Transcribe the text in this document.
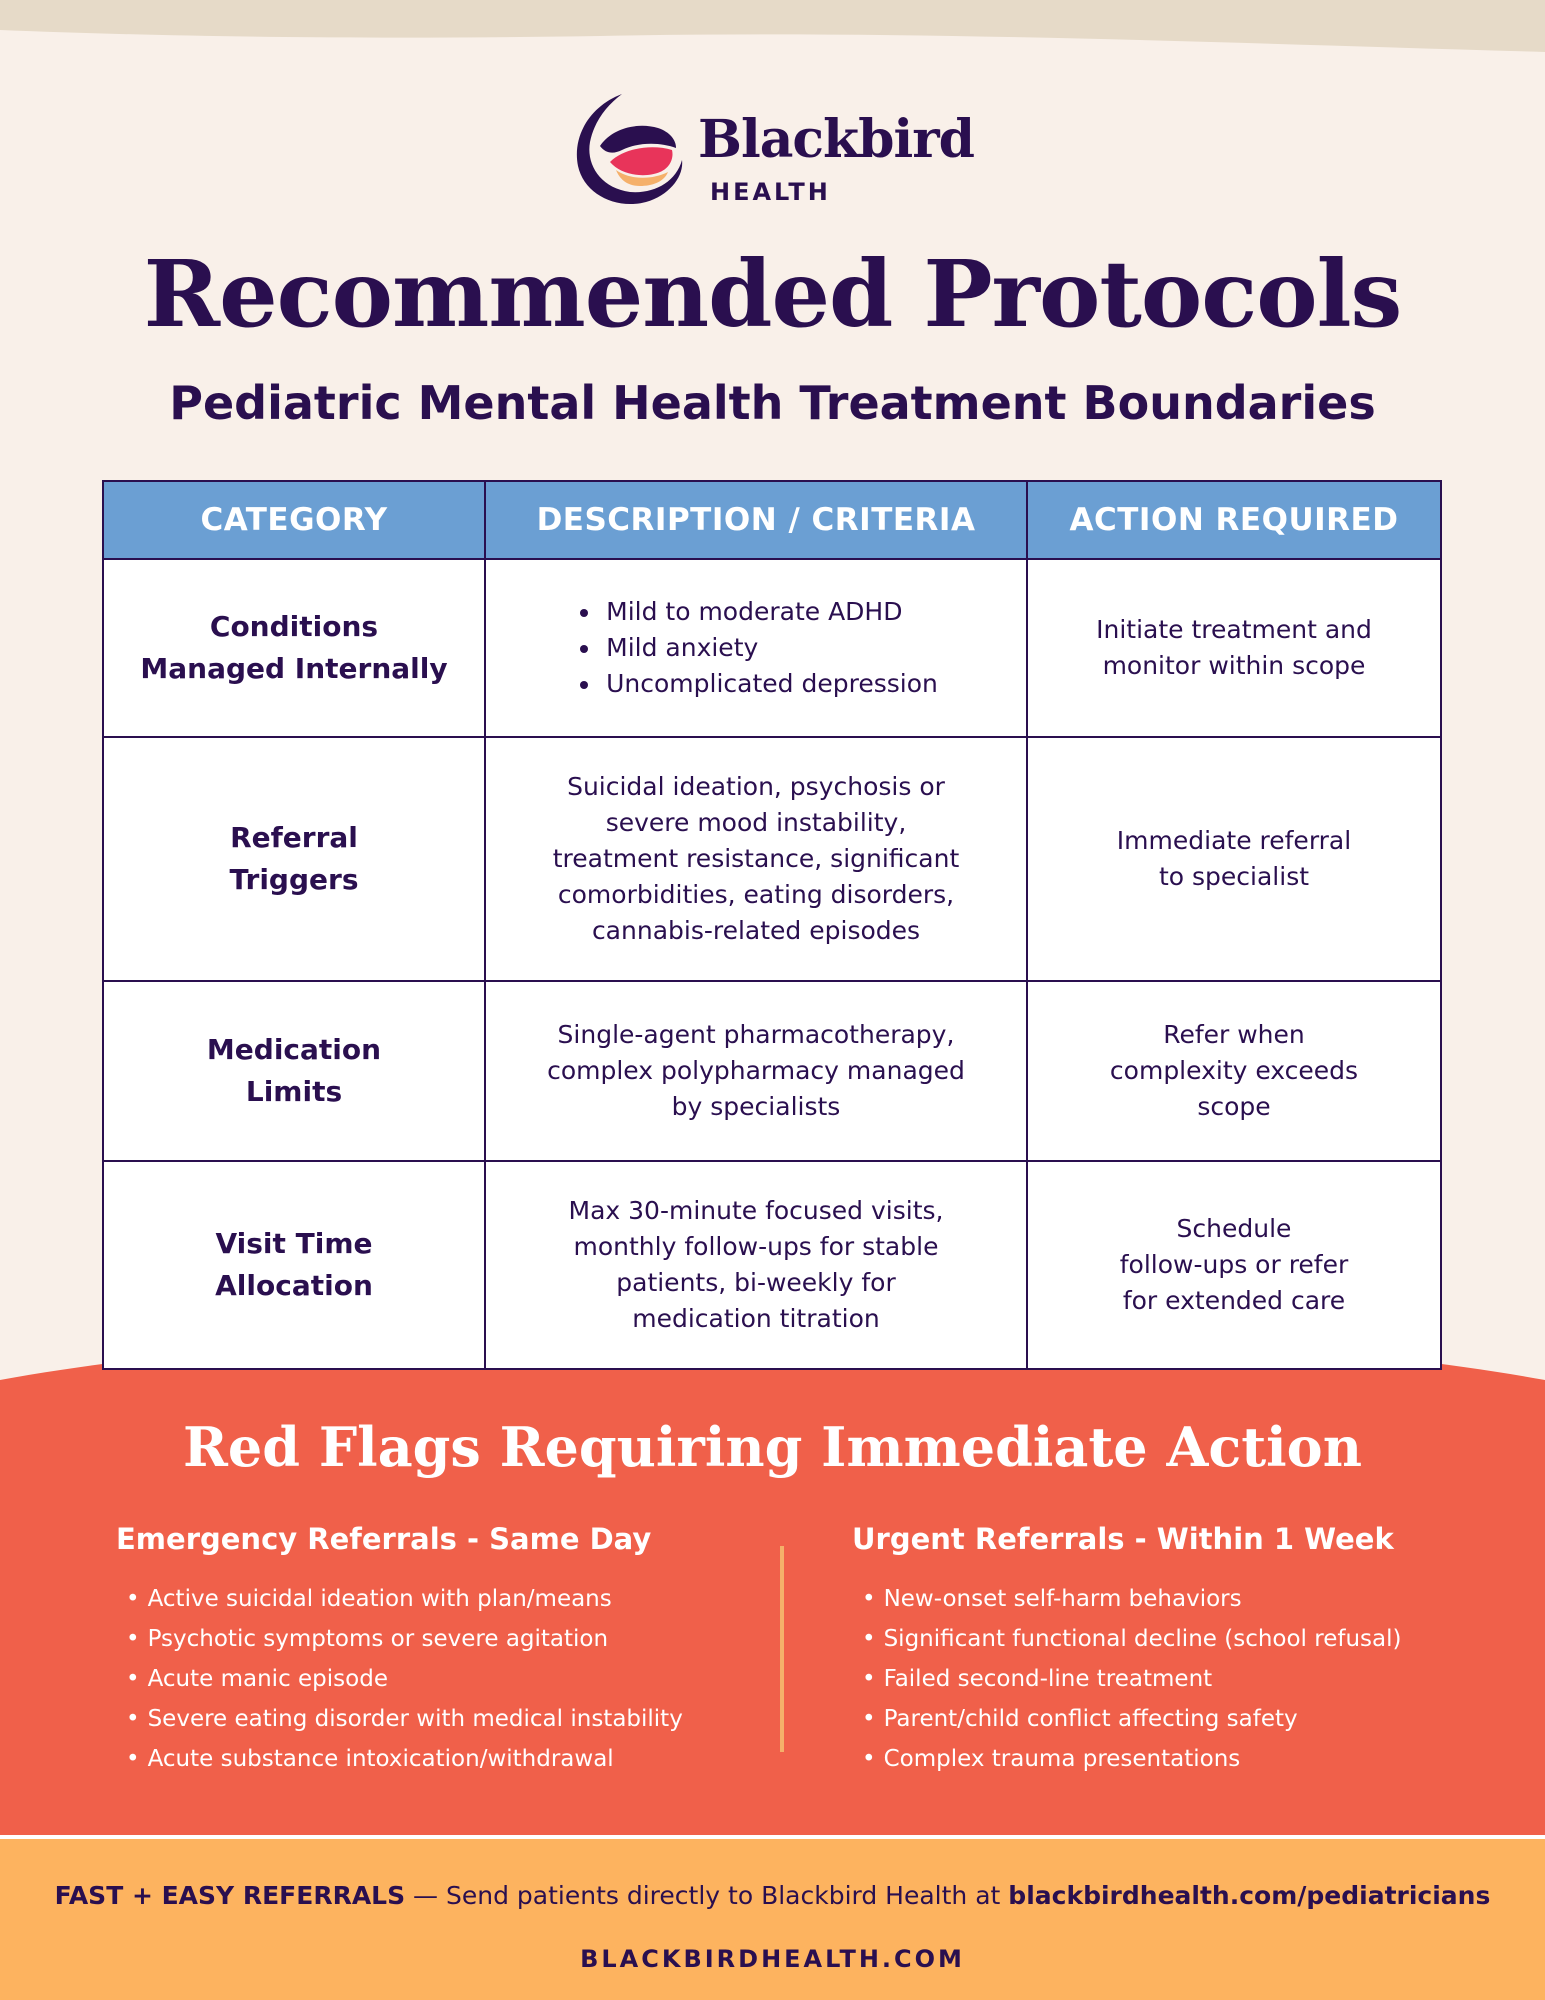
Blackbird
HEALTH
Recommended Protocols
Pediatric Mental Health Treatment Boundaries
CATEGORY	DESCRIPTION / CRITERIA	ACTION REQUIRED
Conditions
Managed Internally
Mild to moderate ADHD
Mild anxiety
Uncomplicated depression
Initiate treatment and
monitor within scope
Referral
Triggers
Suicidal ideation, psychosis or
severe mood instability,
treatment resistance, significant
comorbidities, eating disorders,
cannabis-related episodes
Immediate referral
to specialist
Medication
Limits
Single-agent pharmacotherapy,
complex polypharmacy managed
by specialists
Refer when
complexity exceeds
scope
Visit Time
Allocation
Max 30-minute focused visits,
monthly follow-ups for stable
patients, bi-weekly for
medication titration
Schedule
follow-ups or refer
for extended care
Red Flags Requiring Immediate Action
Emergency Referrals - Same Day
• Active suicidal ideation with plan/means
• Psychotic symptoms or severe agitation
• Acute manic episode
• Severe eating disorder with medical instability
• Acute substance intoxication/withdrawal
Urgent Referrals - Within 1 Week
• New-onset self-harm behaviors
• Significant functional decline (school refusal)
• Failed second-line treatment
• Parent/child conflict affecting safety
• Complex trauma presentations
FAST + EASY REFERRALS — Send patients directly to Blackbird Health at blackbirdhealth.com/pediatricians
BLACKBIRDHEALTH.COM
